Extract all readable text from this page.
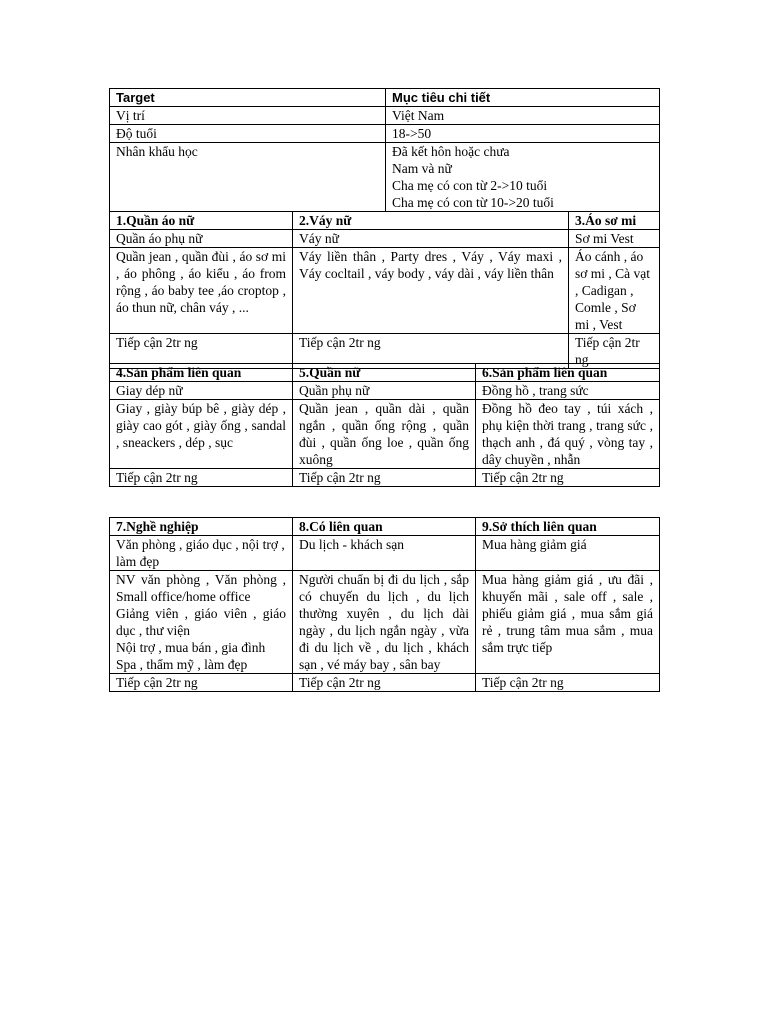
Target		Mục tiêu chi tiết	
Vị trí		Việt Nam	
Độ tuổi		18->50	
Nhân khẩu học		Đã kết hôn hoặc chưa
Nam và nữ
Cha mẹ có con từ 2->10 tuổi
Cha mẹ có con từ 10->20 tuổi	

1.Quần áo nữ	2.Váy nữ		3.Áo sơ mi
Quần áo phụ nữ	Váy nữ		Sơ mi Vest
Quần jean , quần đùi , áo sơ mi , áo phông , áo kiểu , áo from rộng , áo baby tee ,áo croptop , áo thun nữ, chân váy , ...	Váy liền thân , Party dres , Váy , Váy maxi , Váy cocltail , váy body , váy dài , váy liền thân		Áo cánh , áo sơ mi , Cà vạt , Cadigan , Comle , Sơ mi , Vest
Tiếp cận 2tr ng	Tiếp cận 2tr ng		Tiếp cận 2tr ng
4.Sản phẩm liên quan	5.Quần nữ	6.Sản phẩm liên quan
Giay dép nữ	Quần phụ nữ	Đồng hồ , trang sức
Giay , giày búp bê , giày dép , giày cao gót , giày ống , sandal , sneackers , dép , sục	Quần jean , quần dài , quần ngắn , quần ống rộng , quần đùi , quần ống loe , quần ống xuông	Đồng hồ đeo tay , túi xách , phụ kiện thời trang , trang sức , thạch anh , đá quý , vòng tay , dây chuyền , nhẫn
Tiếp cận 2tr ng	Tiếp cận 2tr ng	Tiếp cận 2tr ng
7.Nghề nghiệp	8.Có liên quan	9.Sở thích liên quan
Văn phòng , giáo dục , nội trợ , làm đẹp	Du lịch - khách sạn	Mua hàng giảm giá

NV văn phòng , Văn phòng , Small office/home office
Giảng viên , giáo viên , giáo dục , thư viện
Nội trợ , mua bán , gia đình
Spa , thẩm mỹ , làm đẹp	Người chuẩn bị đi du lịch , sắp có chuyến du lịch , du lịch thường xuyên , du lịch dài ngày , du lịch ngắn ngày , vừa đi du lịch về , du lịch , khách sạn , vé máy bay , sân bay	Mua hàng giảm giá , ưu đãi , khuyến mãi , sale off , sale , phiếu giảm giá , mua sắm giá rẻ , trung tâm mua sắm , mua sắm trực tiếp
Tiếp cận 2tr ng	Tiếp cận 2tr ng	Tiếp cận 2tr ng
